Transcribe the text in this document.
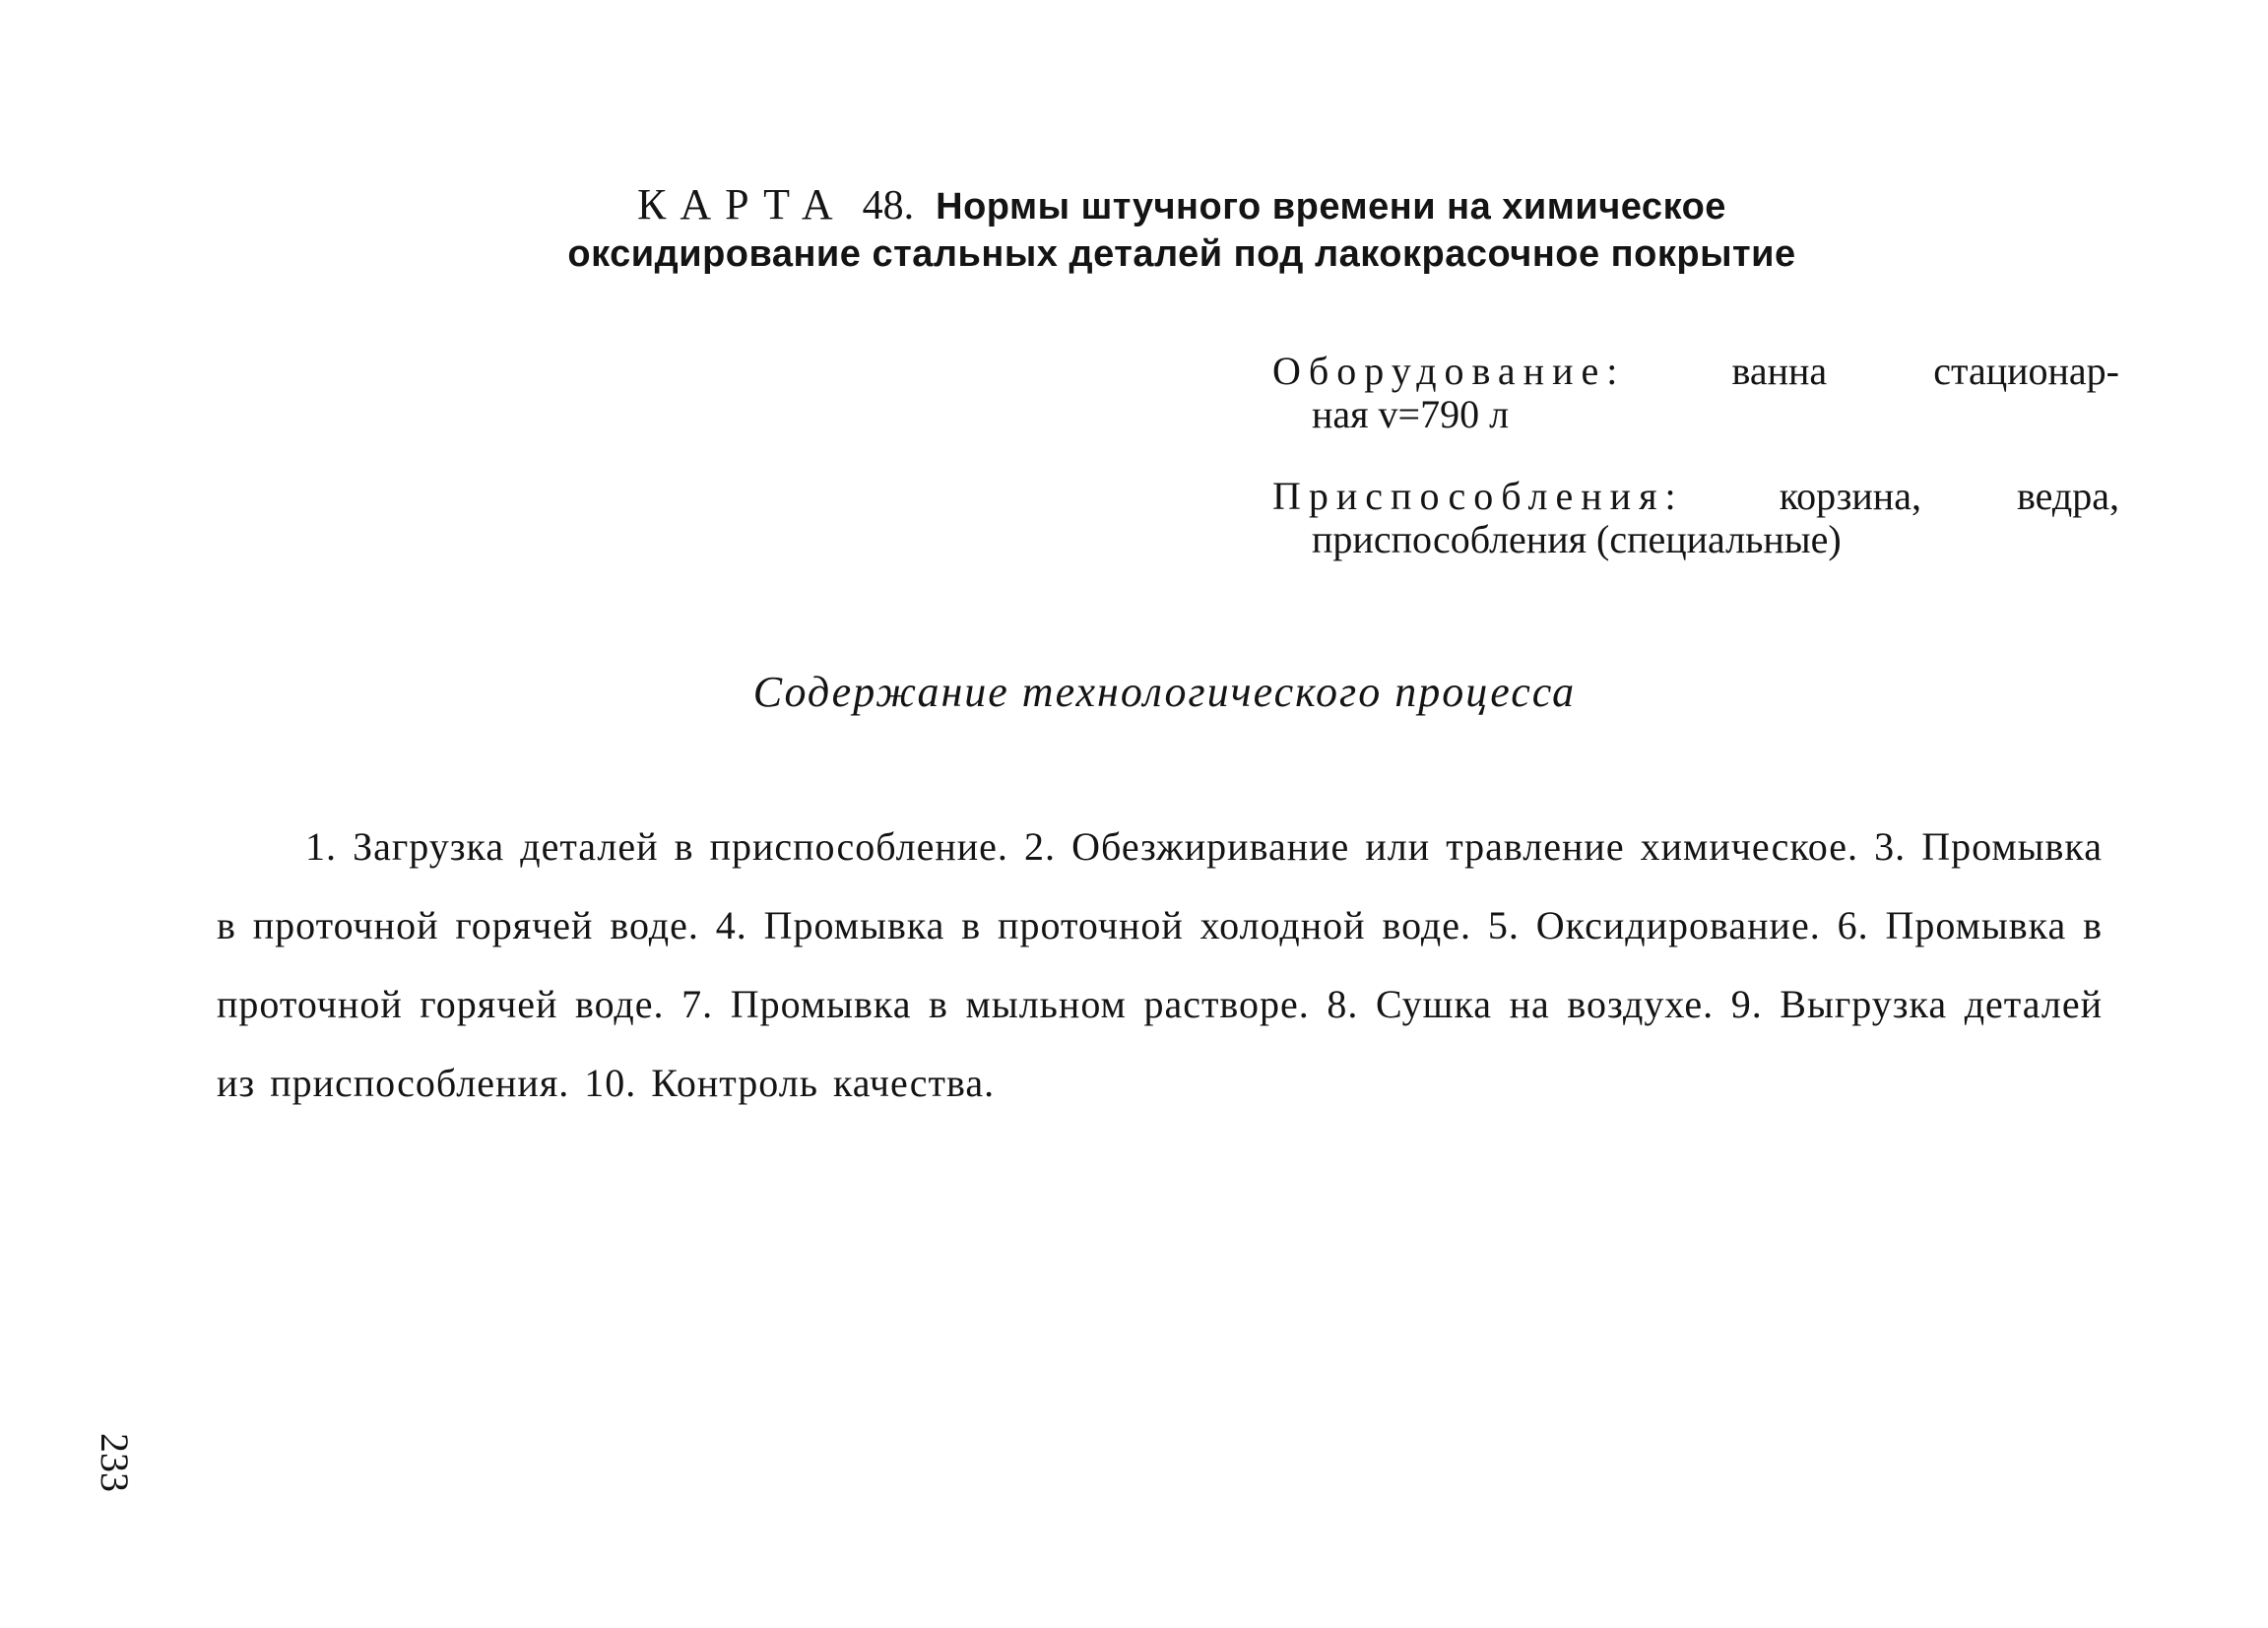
КАРТА 48. Нормы штучного времени на химическое
оксидирование стальных деталей под лакокрасочное покрытие
Оборудование:	ванна стационар-
ная v=790 л
Приспособления: корзина, ведра,
приспособления (специальные)
Содержание технологического процесса

1. Загрузка деталей в приспособление. 2. Обезжиривание или травление химическое. 3. Промывка в проточной горячей воде. 4. Промывка в проточной холодной воде. 5. Оксидирование. 6. Промывка в проточной горячей воде. 7. Промывка в мыльном растворе. 8. Сушка на воздухе. 9. Выгрузка деталей из приспособления. 10. Контроль качества.

233
